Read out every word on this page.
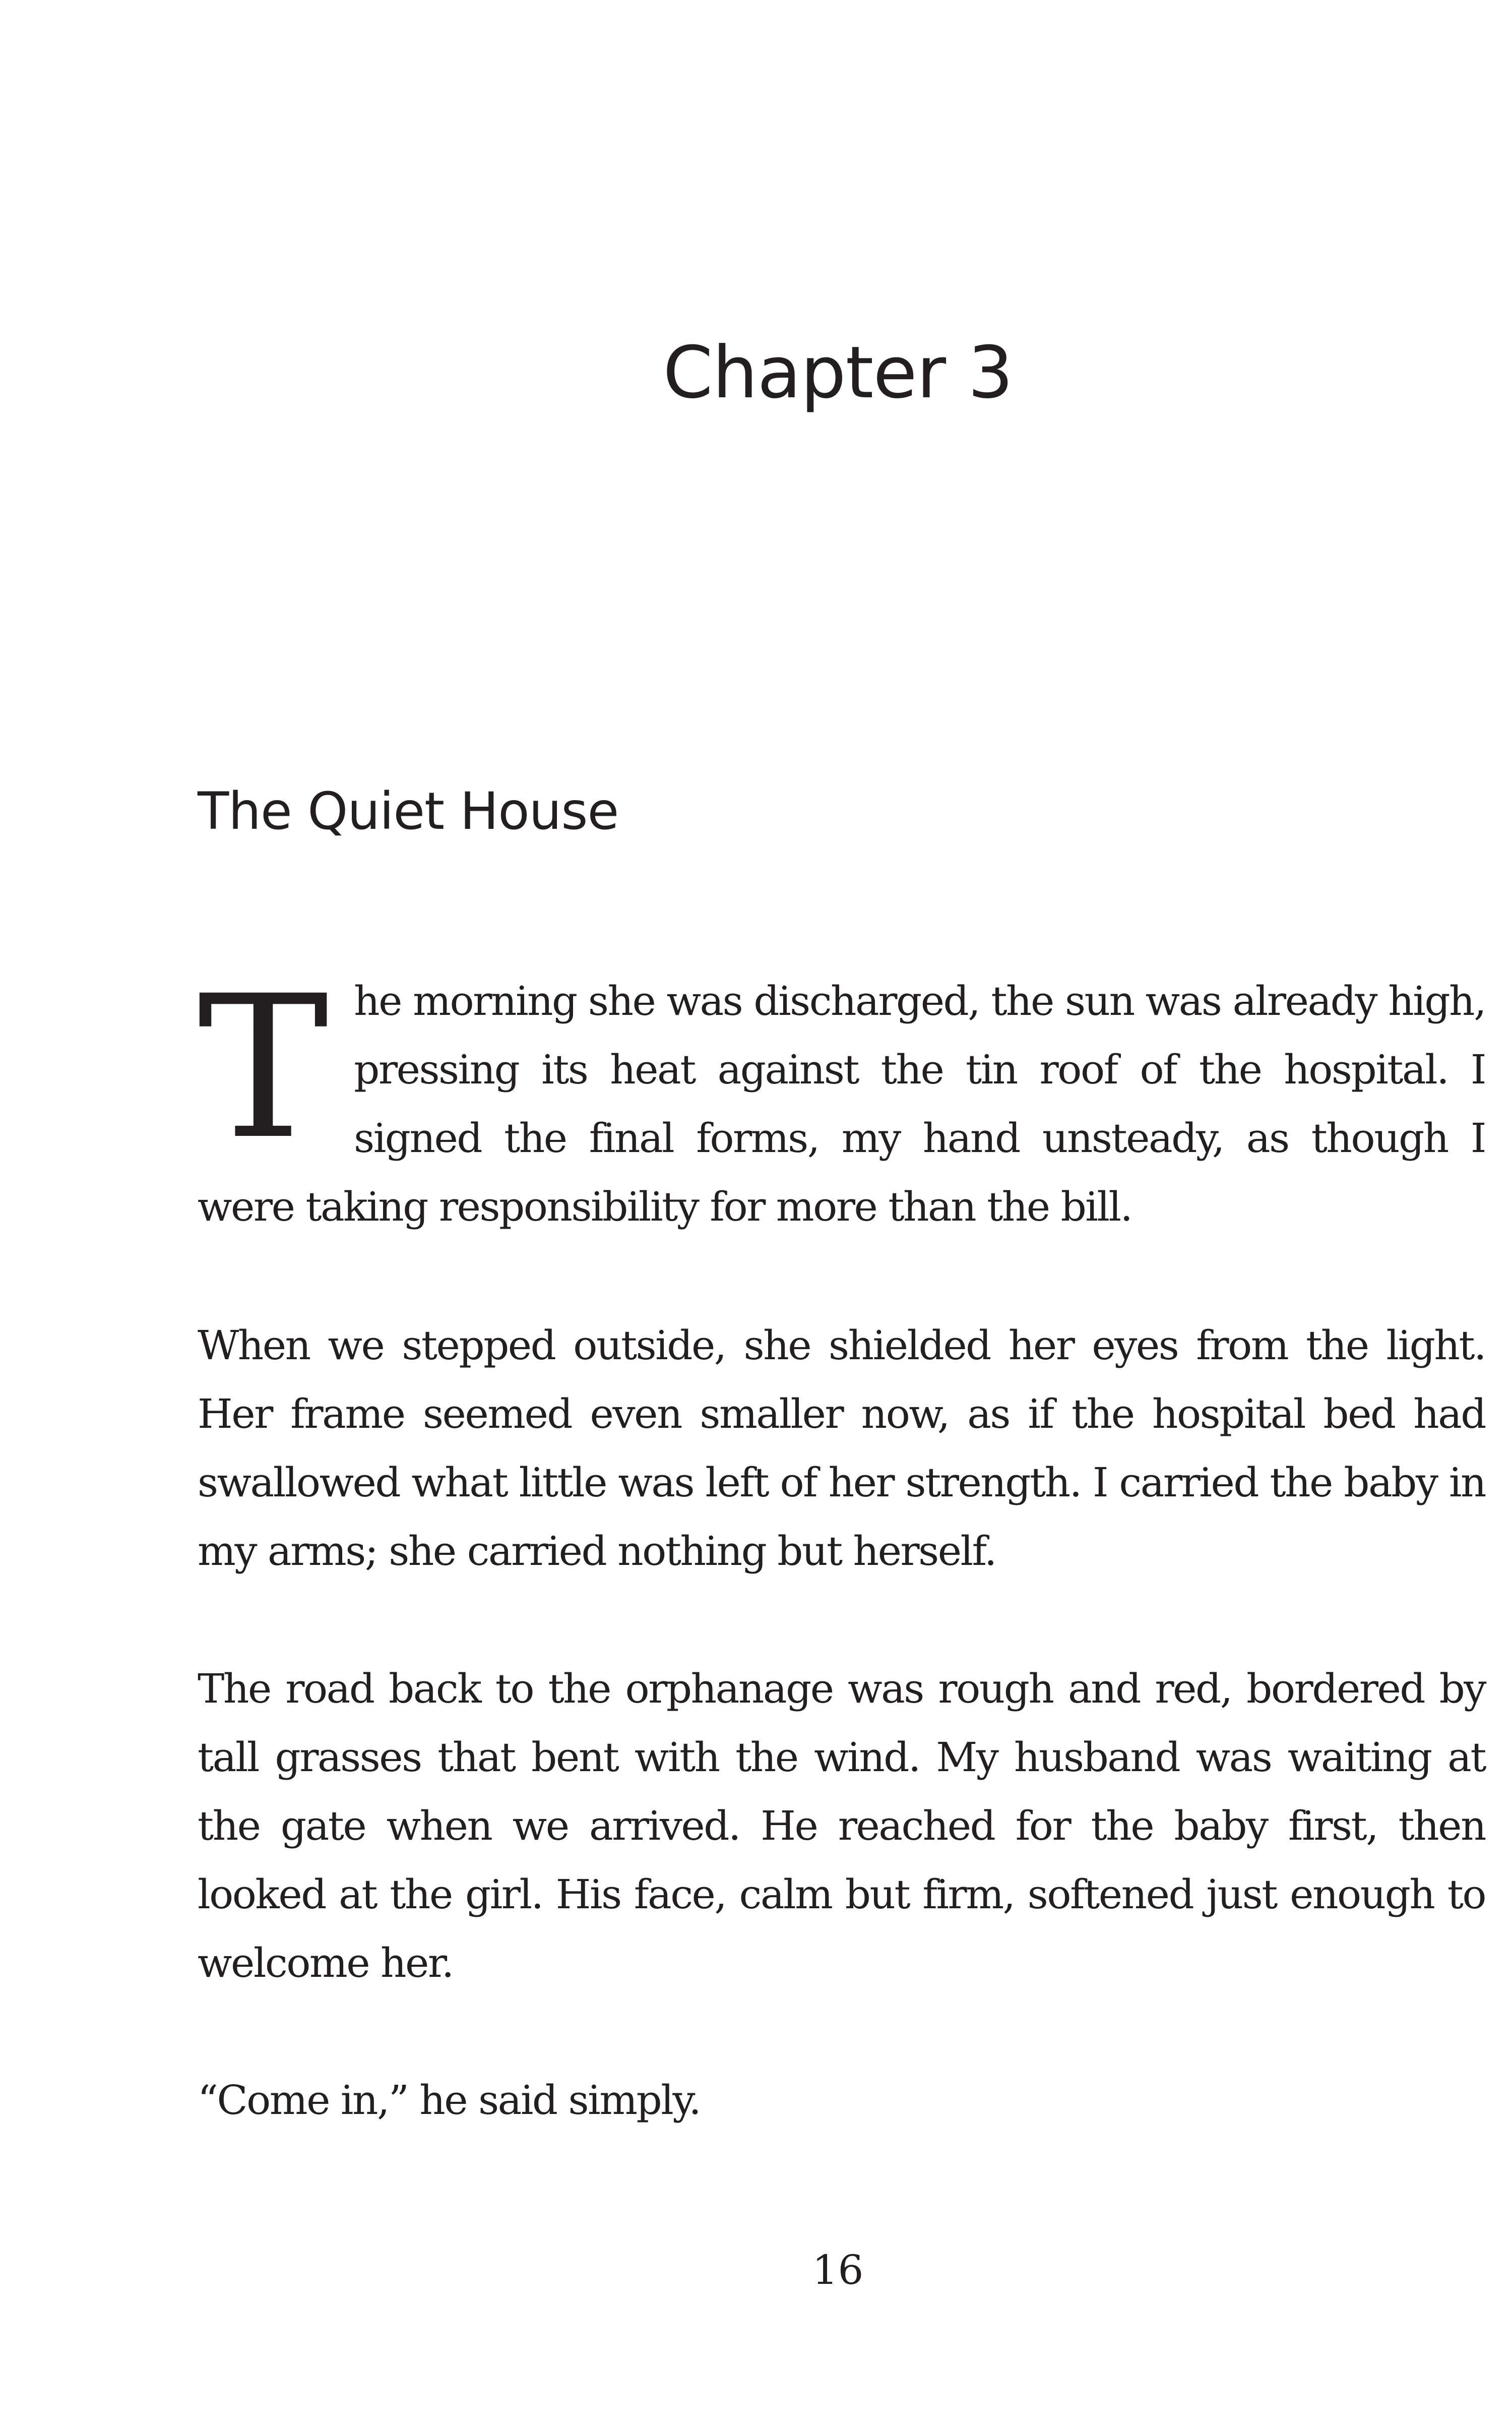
Chapter 3
The Quiet House

The morning she was discharged, the sun was already high, pressing its heat against the tin roof of the hospital. I signed the final forms, my hand unsteady, as though I were taking responsibility for more than the bill.

When we stepped outside, she shielded her eyes from the light. Her frame seemed even smaller now, as if the hospital bed had swallowed what little was left of her strength. I carried the baby in my arms; she carried nothing but herself.

The road back to the orphanage was rough and red, bordered by tall grasses that bent with the wind. My husband was waiting at the gate when we arrived. He reached for the baby first, then looked at the girl. His face, calm but firm, softened just enough to welcome her.

“Come in,” he said simply.

16
